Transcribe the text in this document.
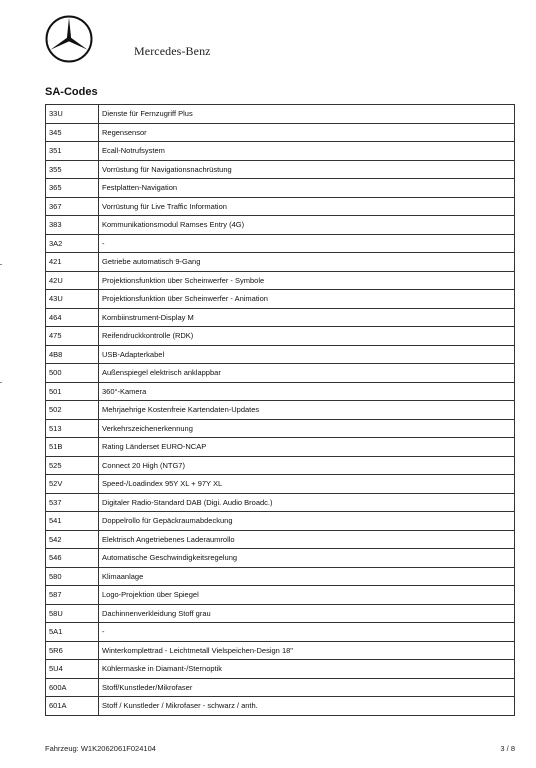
Mercedes-Benz
SA-Codes
33U	Dienste für Fernzugriff Plus
345	Regensensor
351	Ecall-Notrufsystem
355	Vorrüstung für Navigationsnachrüstung
365	Festplatten-Navigation
367	Vorrüstung für Live Traffic Information
383	Kommunikationsmodul Ramses Entry (4G)
3A2	-
421	Getriebe automatisch 9-Gang
42U	Projektionsfunktion über Scheinwerfer - Symbole
43U	Projektionsfunktion über Scheinwerfer - Animation
464	Kombiinstrument-Display M
475	Reifendruckkontrolle (RDK)
4B8	USB-Adapterkabel
500	Außenspiegel elektrisch anklappbar
501	360°-Kamera
502	Mehrjaehrige Kostenfreie Kartendaten-Updates
513	Verkehrszeichenerkennung
51B	Rating Länderset EURO-NCAP
525	Connect 20 High (NTG7)
52V	Speed-/Loadindex 95Y XL + 97Y XL
537	Digitaler Radio-Standard DAB (Digi. Audio Broadc.)
541	Doppelrollo für Gepäckraumabdeckung
542	Elektrisch Angetriebenes Laderaumrollo
546	Automatische Geschwindigkeitsregelung
580	Klimaanlage
587	Logo-Projektion über Spiegel
58U	Dachinnenverkleidung Stoff grau
5A1	-
5R6	Winterkomplettrad - Leichtmetall Vielspeichen-Design 18"
5U4	Kühlermaske in Diamant-/Sternoptik
600A	Stoff/Kunstleder/Mikrofaser
601A	Stoff / Kunstleder / Mikrofaser - schwarz / anth.
Fahrzeug: W1K2062061F024104	3 / 8
